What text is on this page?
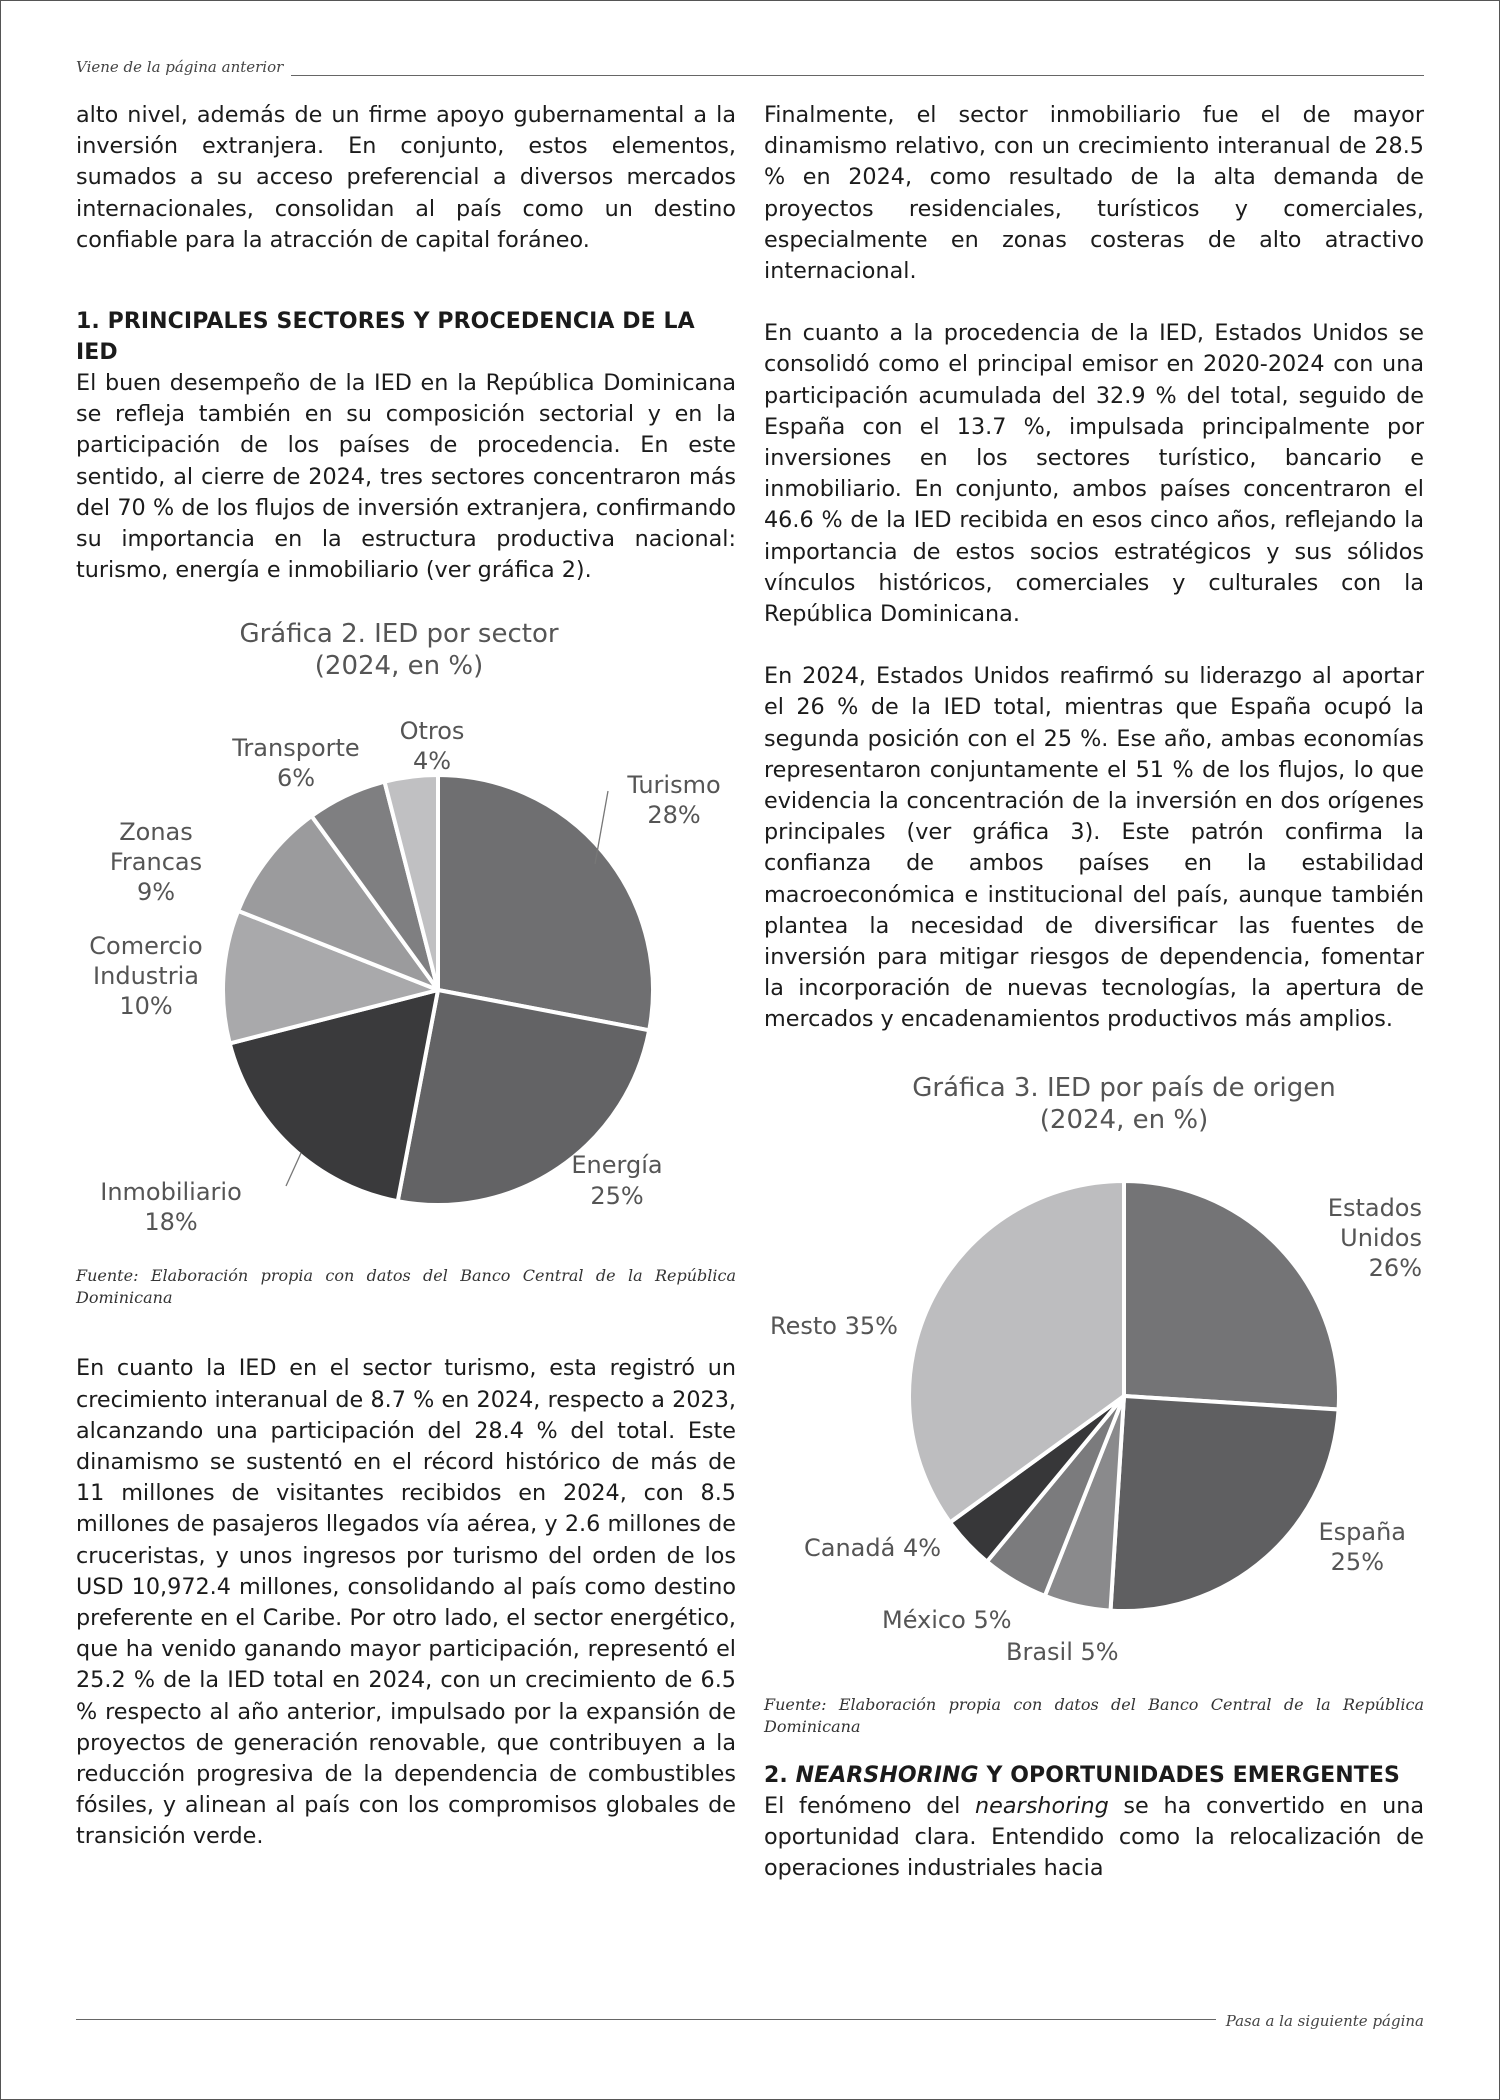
Viene de la página anterior

alto nivel, además de un firme apoyo gubernamental a la inversión extranjera. En conjunto, estos elementos, sumados a su acceso preferencial a diversos mercados internacionales, consolidan al país como un destino confiable para la atracción de capital foráneo.

1. PRINCIPALES SECTORES Y PROCEDENCIA DE LA IED

El buen desempeño de la IED en la República Dominicana se refleja también en su composición sectorial y en la participación de los países de procedencia. En este sentido, al cierre de 2024, tres sectores concentraron más del 70 % de los flujos de inversión extranjera, confirmando su importancia en la estructura productiva nacional: turismo, energía e inmobiliario (ver gráfica 2).

Gráfica 2. IED por sector
(2024, en %)
Turismo 28%
Energía 25%
Inmobiliario 18%
Comercio Industria 10%
Zonas Francas 9%
Transporte 6%
Otros 4%

Fuente: Elaboración propia con datos del Banco Central de la República Dominicana

En cuanto la IED en el sector turismo, esta registró un crecimiento interanual de 8.7 % en 2024, respecto a 2023, alcanzando una participación del 28.4 % del total. Este dinamismo se sustentó en el récord histórico de más de 11 millones de visitantes recibidos en 2024, con 8.5 millones de pasajeros llegados vía aérea, y 2.6 millones de cruceristas, y unos ingresos por turismo del orden de los USD 10,972.4 millones, consolidando al país como destino preferente en el Caribe. Por otro lado, el sector energético, que ha venido ganando mayor participación, representó el 25.2 % de la IED total en 2024, con un crecimiento de 6.5 % respecto al año anterior, impulsado por la expansión de proyectos de generación renovable, que contribuyen a la reducción progresiva de la dependencia de combustibles fósiles, y alinean al país con los compromisos globales de transición verde.

Finalmente, el sector inmobiliario fue el de mayor dinamismo relativo, con un crecimiento interanual de 28.5 % en 2024, como resultado de la alta demanda de proyectos residenciales, turísticos y comerciales, especialmente en zonas costeras de alto atractivo internacional.

En cuanto a la procedencia de la IED, Estados Unidos se consolidó como el principal emisor en 2020-2024 con una participación acumulada del 32.9 % del total, seguido de España con el 13.7 %, impulsada principalmente por inversiones en los sectores turístico, bancario e inmobiliario. En conjunto, ambos países concentraron el 46.6 % de la IED recibida en esos cinco años, reflejando la importancia de estos socios estratégicos y sus sólidos vínculos históricos, comerciales y culturales con la República Dominicana.

En 2024, Estados Unidos reafirmó su liderazgo al aportar el 26 % de la IED total, mientras que España ocupó la segunda posición con el 25 %. Ese año, ambas economías representaron conjuntamente el 51 % de los flujos, lo que evidencia la concentración de la inversión en dos orígenes principales (ver gráfica 3). Este patrón confirma la confianza de ambos países en la estabilidad macroeconómica e institucional del país, aunque también plantea la necesidad de diversificar las fuentes de inversión para mitigar riesgos de dependencia, fomentar la incorporación de nuevas tecnologías, la apertura de mercados y encadenamientos productivos más amplios.

Gráfica 3. IED por país de origen
(2024, en %)
Estados Unidos 26%
España 25%
Brasil 5%
México 5%
Canadá 4%
Resto 35%

Fuente: Elaboración propia con datos del Banco Central de la República Dominicana

2. NEARSHORING Y OPORTUNIDADES EMERGENTES

El fenómeno del nearshoring se ha convertido en una oportunidad clara. Entendido como la relocalización de operaciones industriales hacia

Pasa a la siguiente página
